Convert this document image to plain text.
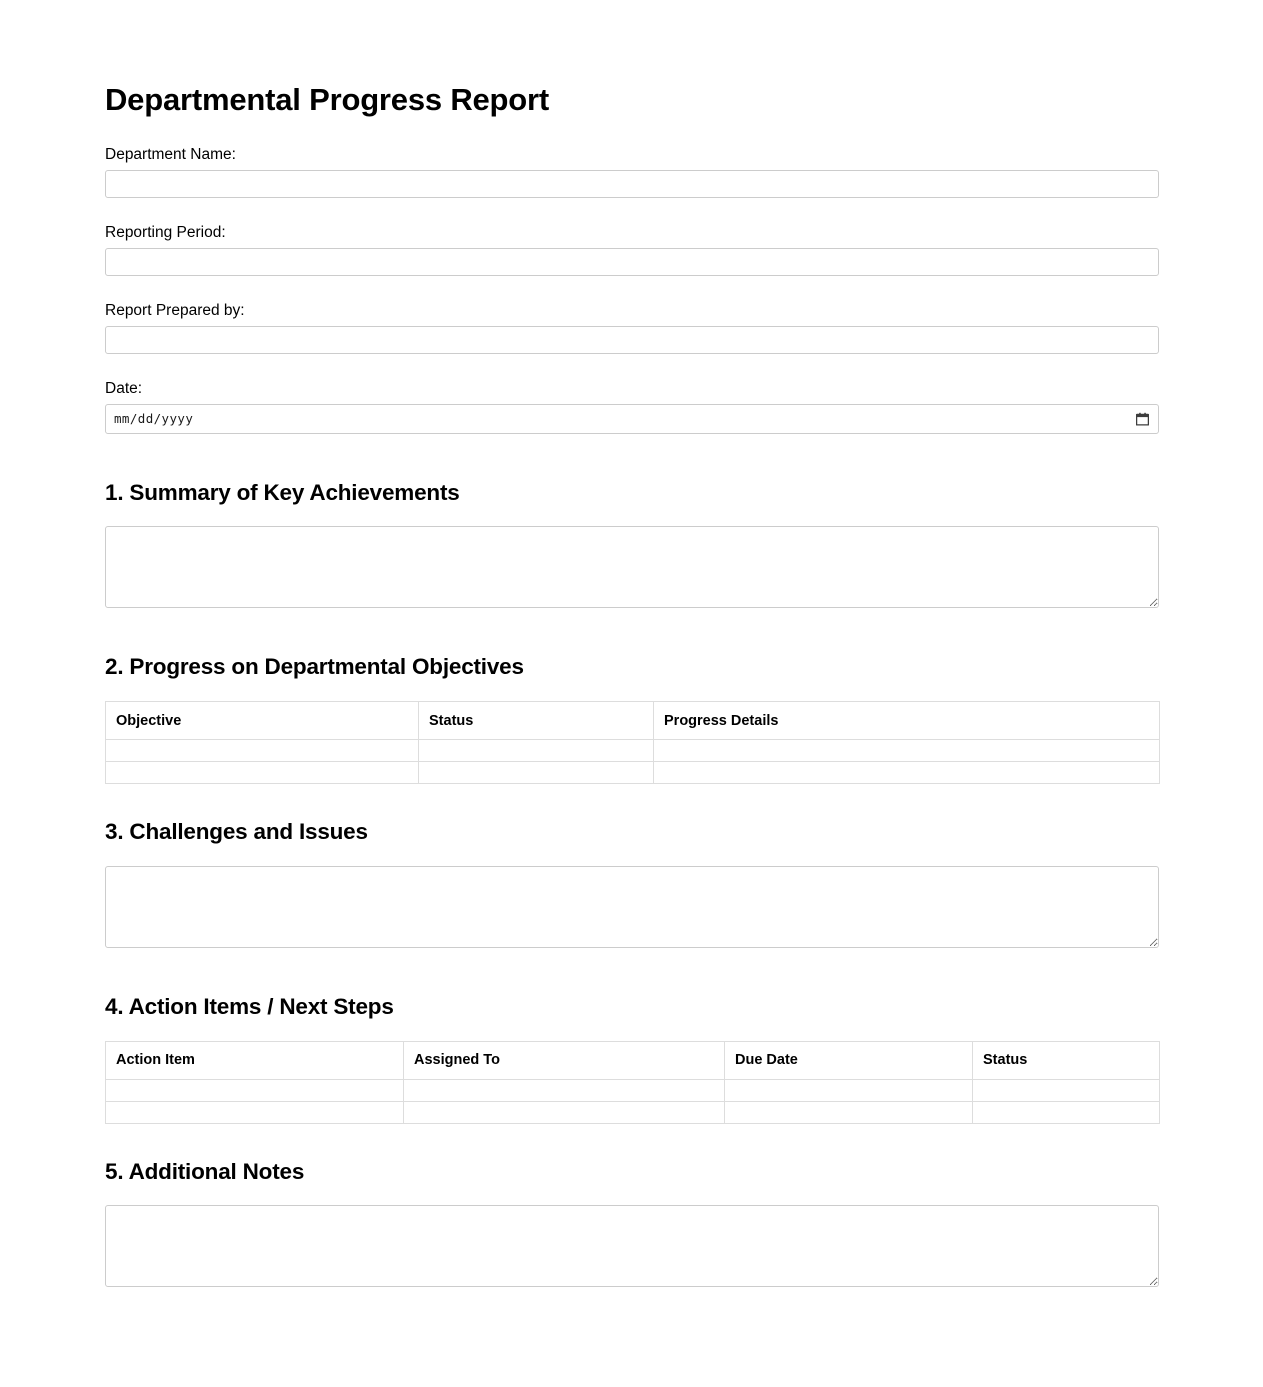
Departmental Progress Report
Department Name:
Reporting Period:
Report Prepared by:
Date:
mm/dd/yyyy
1. Summary of Key Achievements
2. Progress on Departmental Objectives
Objective	Status	Progress Details

3. Challenges and Issues
4. Action Items / Next Steps
Action Item	Assigned To	Due Date	Status

5. Additional Notes
